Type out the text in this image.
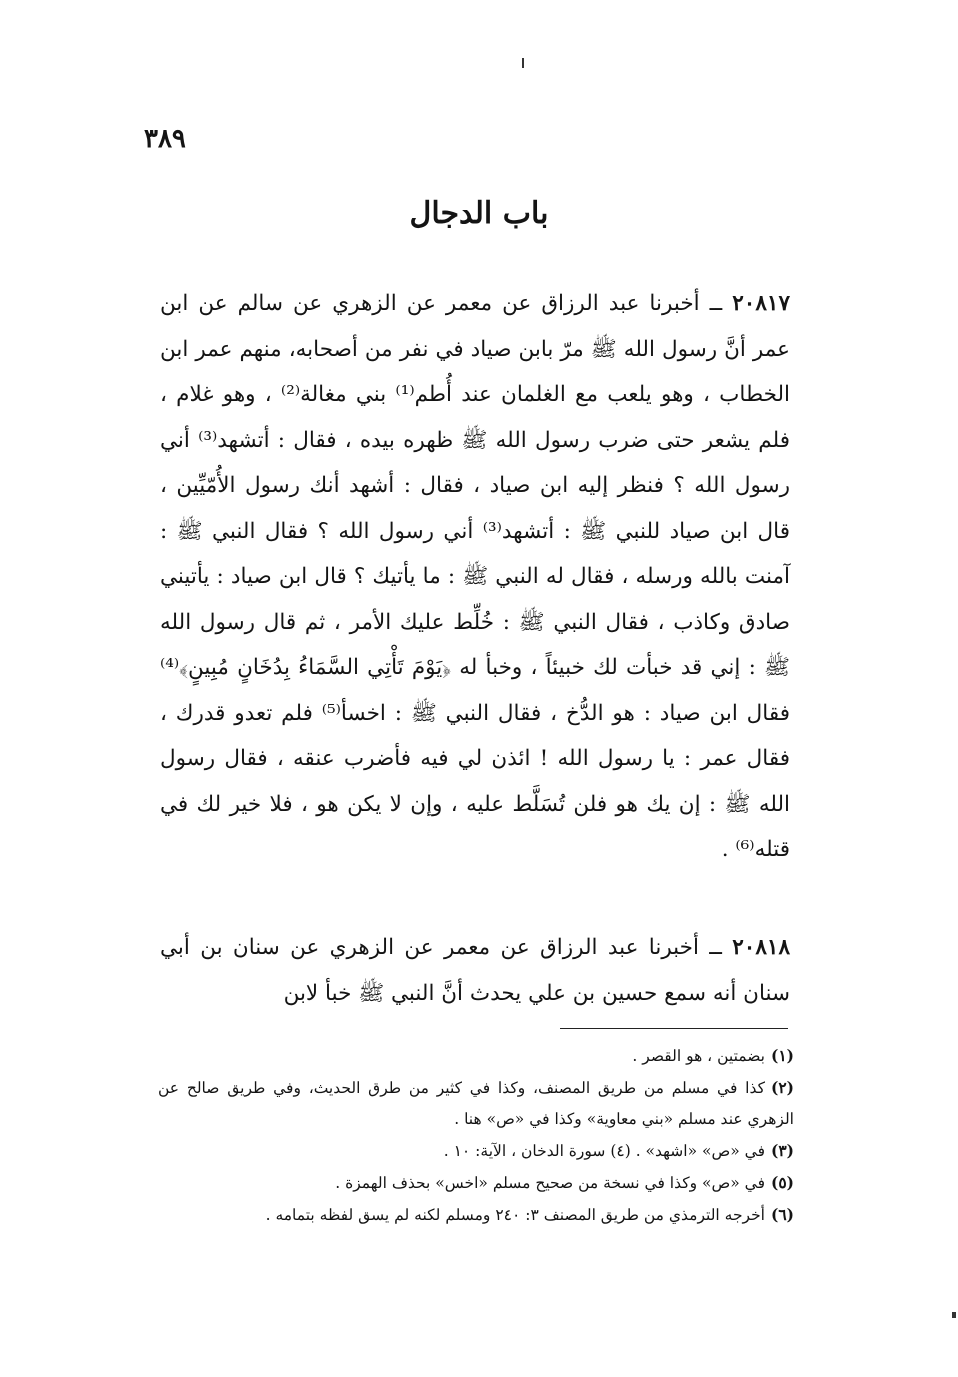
٣٨٩
باب الدجال
٢٠٨١٧ ــ أخبرنا عبد الرزاق عن معمر عن الزهري عن سالم عن ابن عمر أنَّ رسول الله ﷺ مرّ بابن صياد في نفر من أصحابه، منهم عمر ابن الخطاب ، وهو يلعب مع الغلمان عند أُطم⁽¹⁾ بني مغالة⁽²⁾ ، وهو غلام ، فلم يشعر حتى ضرب رسول الله ﷺ ظهره بيده ، فقال : أتشهد⁽³⁾ أني رسول الله ؟ فنظر إليه ابن صياد ، فقال : أشهد أنك رسول الأُمّيِّين ، قال ابن صياد للنبي ﷺ : أتشهد⁽³⁾ أني رسول الله ؟ فقال النبي ﷺ : آمنت بالله ورسله ، فقال له النبي ﷺ : ما يأتيك ؟ قال ابن صياد : يأتيني صادق وكاذب ، فقال النبي ﷺ : خُلِّط عليك الأمر ، ثم قال رسول الله ﷺ : إني قد خبأت لك خبيئاً ، وخبأ له ﴿يَوْمَ تَأْتِي السَّمَاءُ بِدُخَانٍ مُبِينٍ﴾⁽⁴⁾ فقال ابن صياد : هو الدُّخ ، فقال النبي ﷺ : اخسأ⁽⁵⁾ فلم تعدو قدرك ، فقال عمر : يا رسول الله ! ائذن لي فيه فأضرب عنقه ، فقال رسول الله ﷺ : إن يك هو فلن تُسَلَّط عليه ، وإن لا يكن هو ، فلا خير لك في قتله⁽⁶⁾ .
٢٠٨١٨ ــ أخبرنا عبد الرزاق عن معمر عن الزهري عن سنان بن أبي سنان أنه سمع حسين بن علي يحدث أنَّ النبي ﷺ خبأ لابن

(١)بضمتين ، هو القصر .

(٢)كذا في مسلم من طريق المصنف، وكذا في كثير من طرق الحديث، وفي طريق صالح عن الزهري عند مسلم «بني معاوية» وكذا في «ص» هنا .

(٣)في «ص» «اشهد» . (٤) سورة الدخان ، الآية: ١٠ .

(٥)في «ص» وكذا في نسخة من صحيح مسلم «اخس» بحذف الهمزة .

(٦)أخرجه الترمذي من طريق المصنف ٣: ٢٤٠ ومسلم لكنه لم يسق لفظه بتمامه .
